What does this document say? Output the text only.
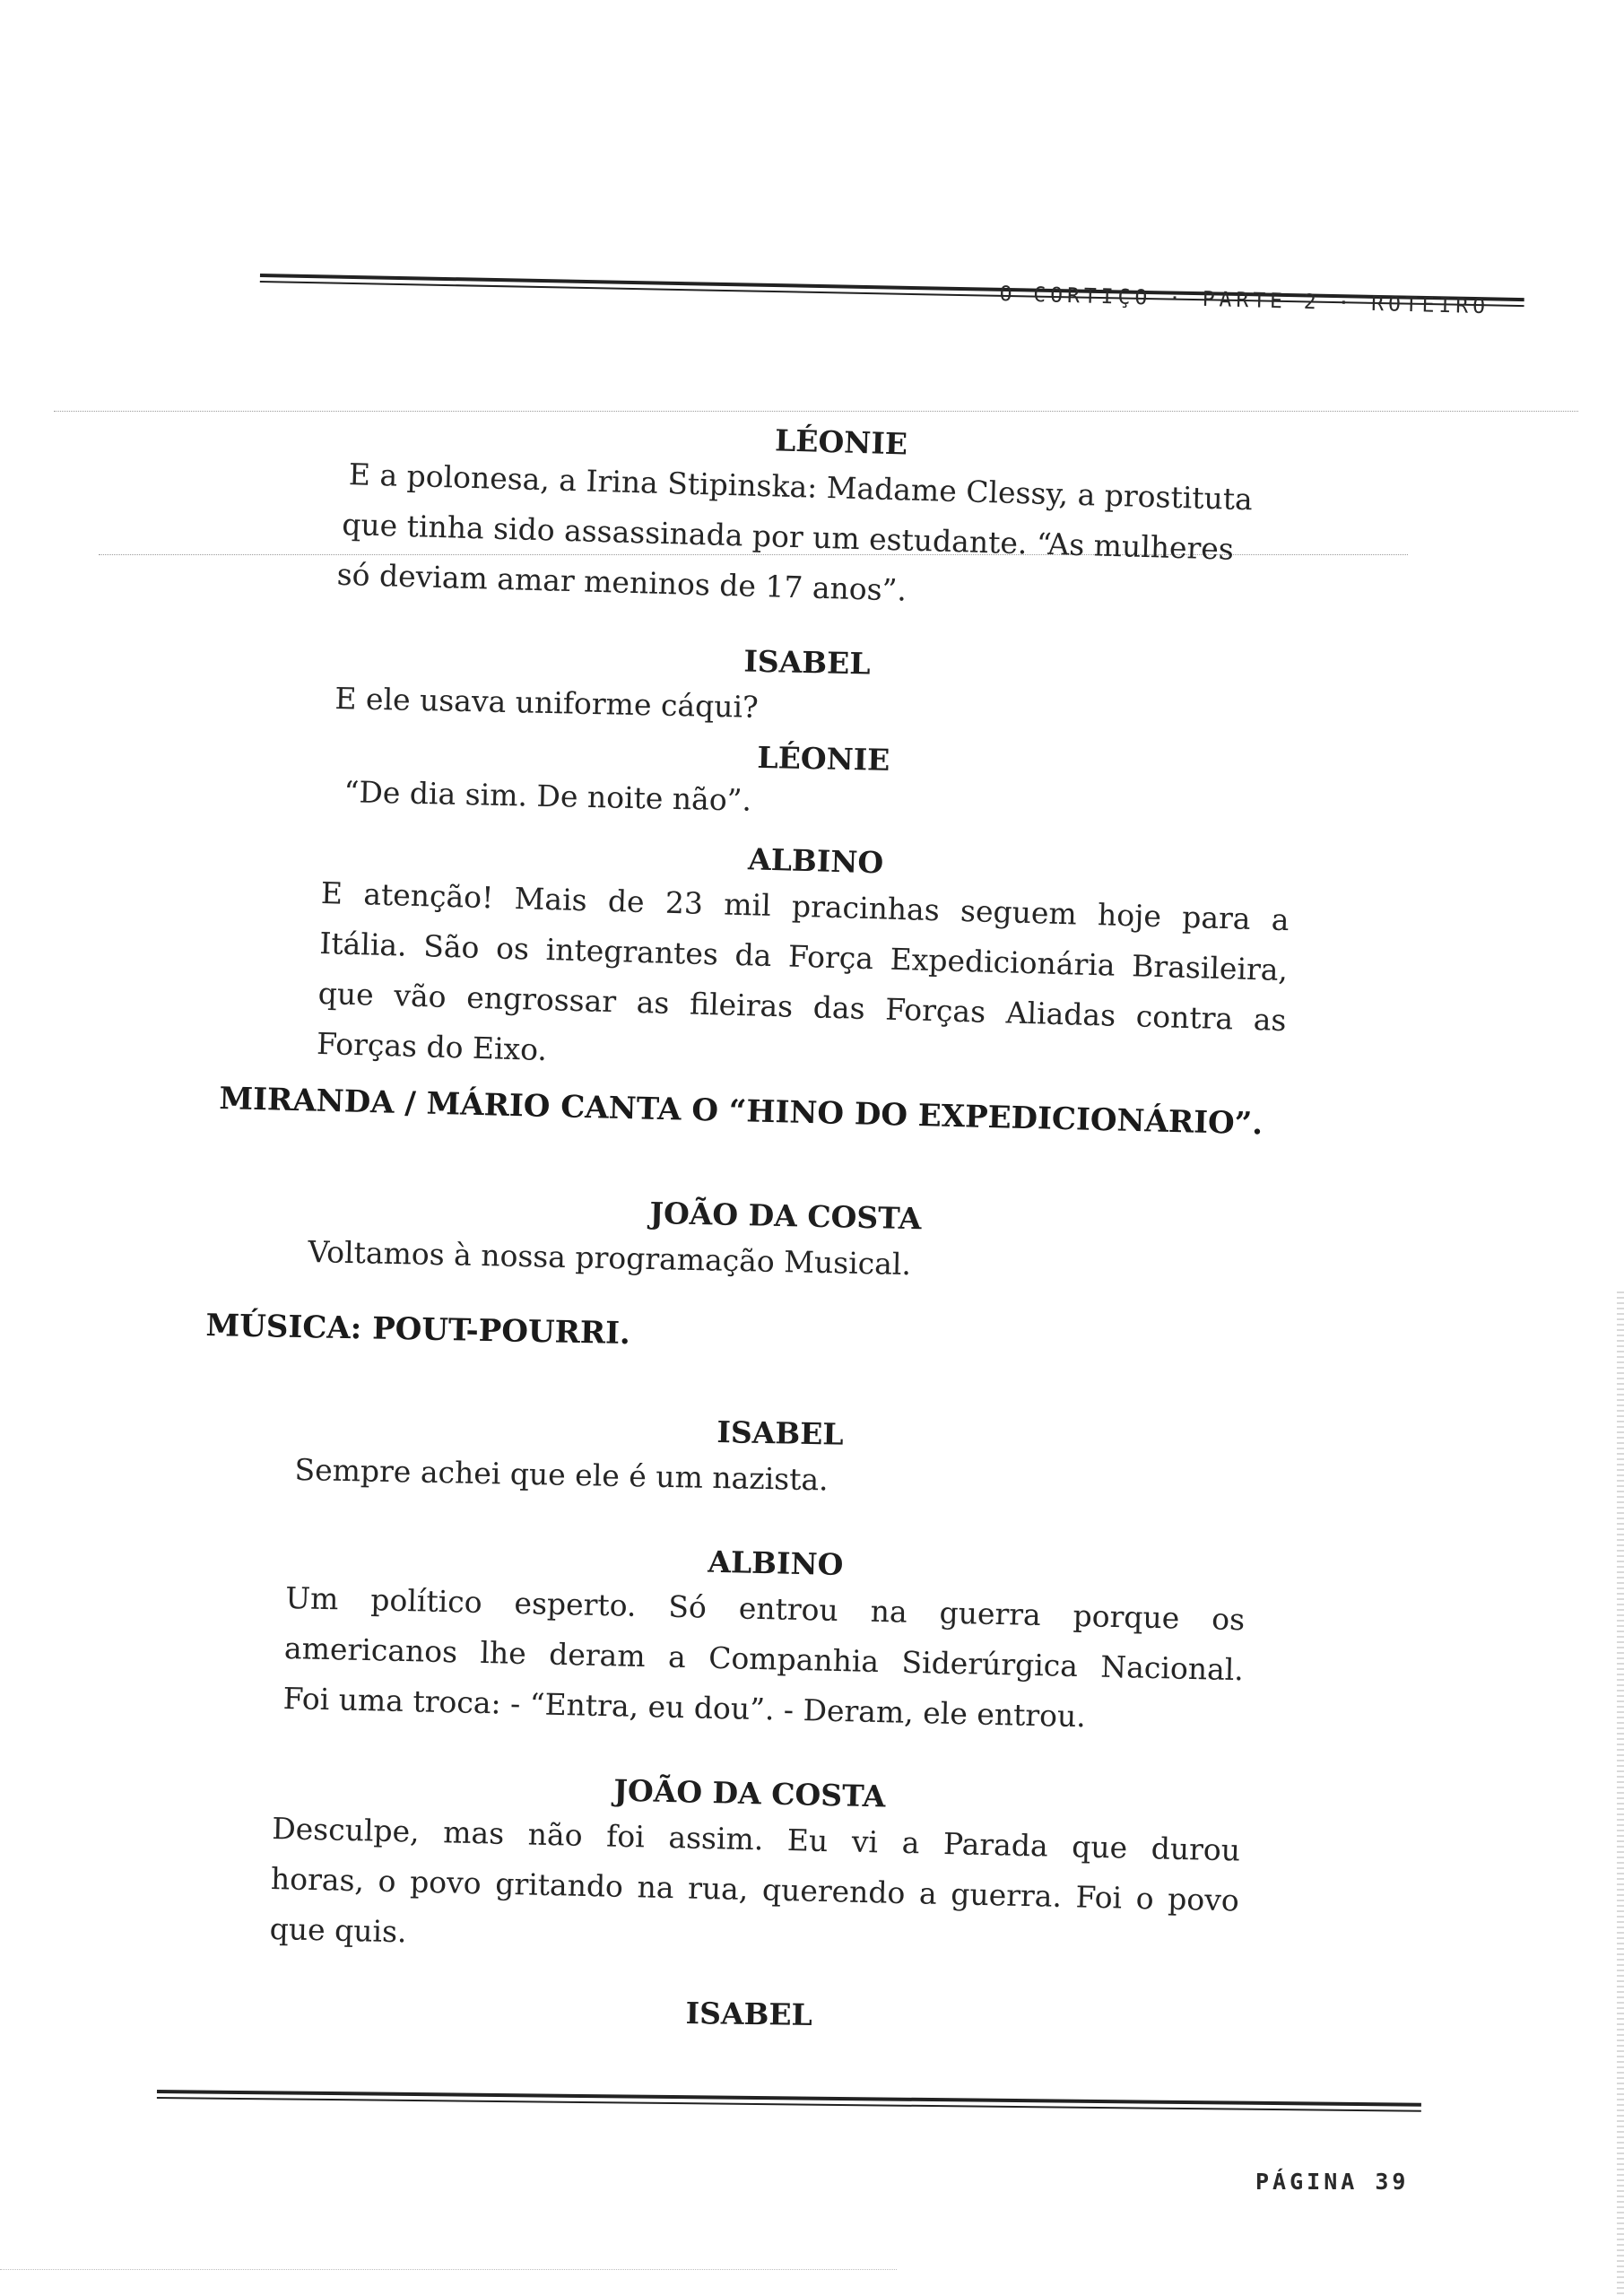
O CORTIÇO · PARTE 2 · ROTEIRO
LÉONIE
E a polonesa, a Irina Stipinska: Madame Clessy, a prostituta
que tinha sido assassinada por um estudante. “As mulheres
só deviam amar meninos de 17 anos”.
ISABEL
E ele usava uniforme cáqui?
LÉONIE
“De dia sim. De noite não”.
ALBINO
E atenção! Mais de 23 mil pracinhas seguem hoje para a
Itália. São os integrantes da Força Expedicionária Brasileira,
que vão engrossar as fileiras das Forças Aliadas contra as
Forças do Eixo.
MIRANDA / MÁRIO CANTA O “HINO DO EXPEDICIONÁRIO”.
JOÃO DA COSTA
Voltamos à nossa programação Musical.
MÚSICA: POUT-POURRI.
ISABEL
Sempre achei que ele é um nazista.
ALBINO
Um político esperto. Só entrou na guerra porque os
americanos lhe deram a Companhia Siderúrgica Nacional.
Foi uma troca: - “Entra, eu dou”. - Deram, ele entrou.
JOÃO DA COSTA
Desculpe, mas não foi assim. Eu vi a Parada que durou
horas, o povo gritando na rua, querendo a guerra. Foi o povo
que quis.
ISABEL
PÁGINA 39
